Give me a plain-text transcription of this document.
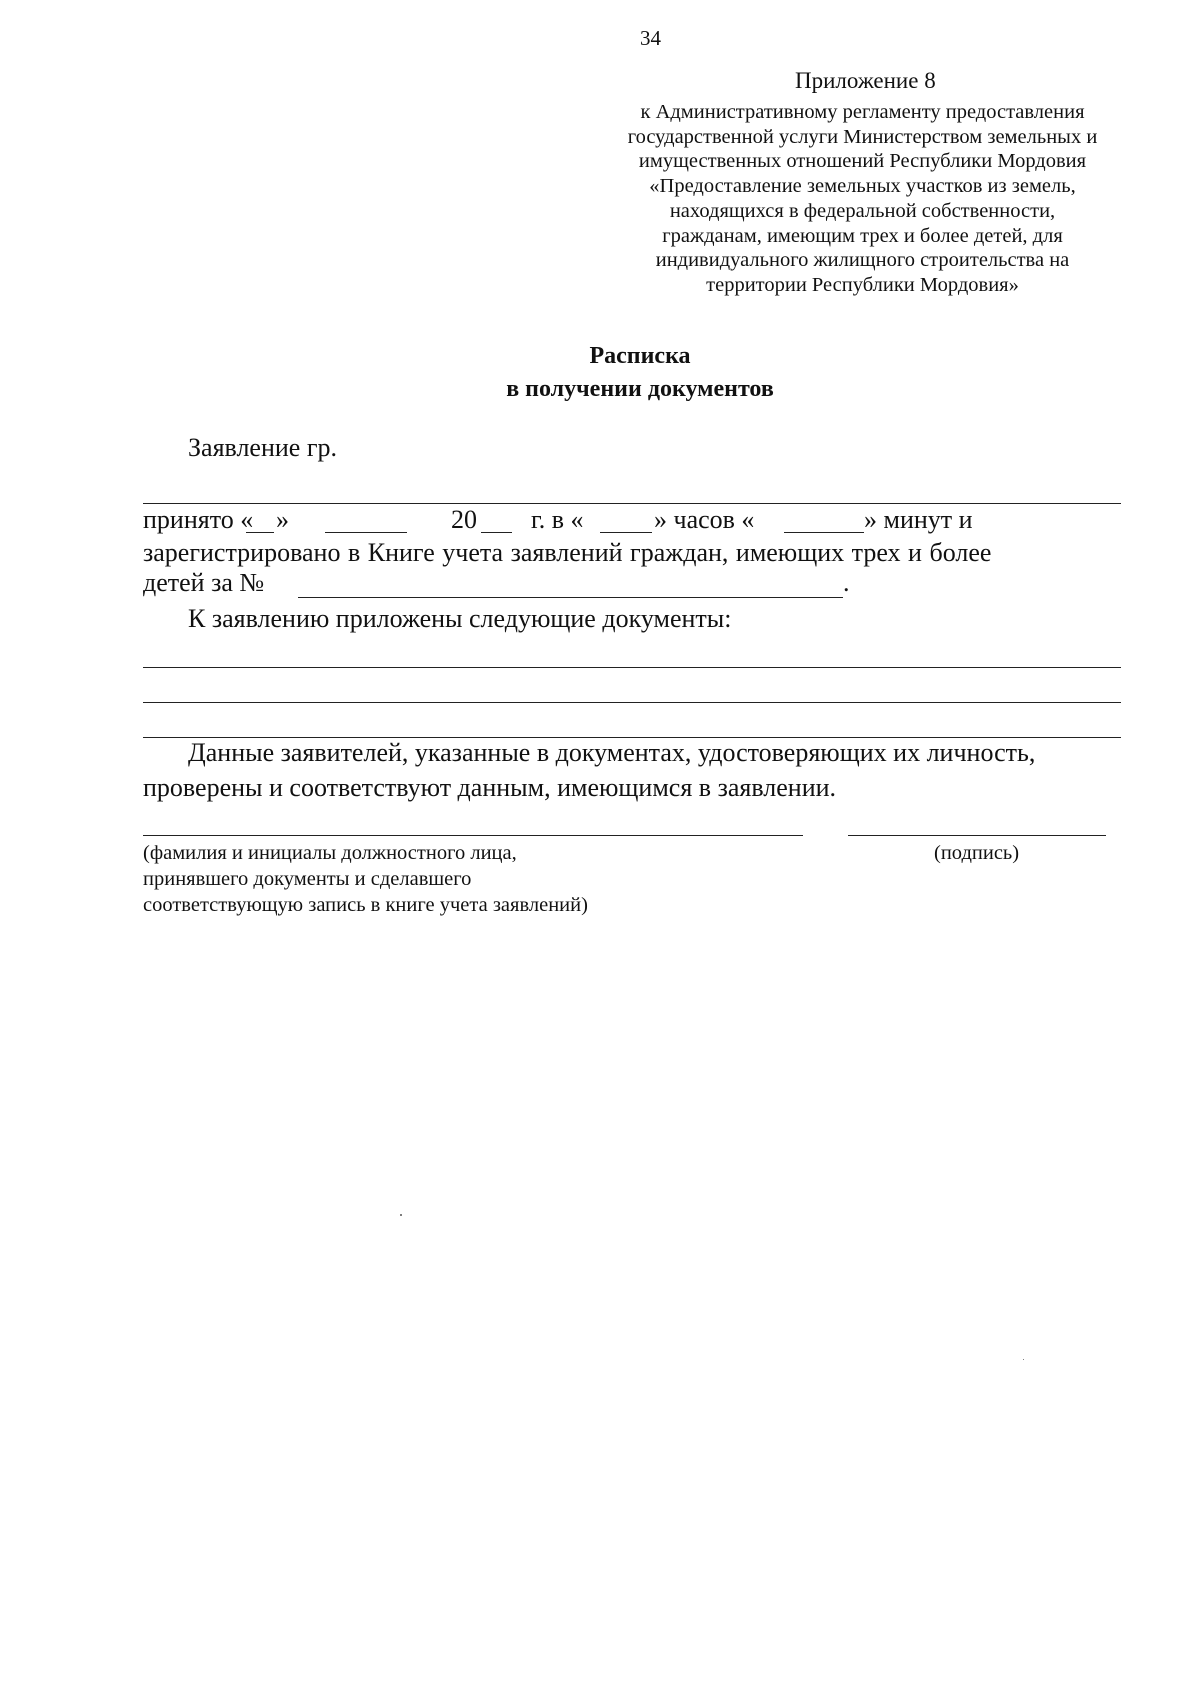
34
Приложение 8
к Административному регламенту предоставления
государственной услуги Министерством земельных и
имущественных отношений Республики Мордовия
«Предоставление земельных участков из земель,
находящихся в федеральной собственности,
гражданам, имеющим трех и более детей, для
индивидуального жилищного строительства на
территории Республики Мордовия»
Расписка
в получении документов
Заявление гр.
принято « »	20 г. в «	» часов «	» минут и
зарегистрировано в Книге учета заявлений граждан, имеющих трех и более
детей за №	.
К заявлению приложены следующие документы:
Данные заявителей, указанные в документах, удостоверяющих их личность,
проверены и соответствуют данным, имеющимся в заявлении.
(фамилия и инициалы должностного лица,
принявшего документы и сделавшего
соответствующую запись в книге учета заявлений)
(подпись)
